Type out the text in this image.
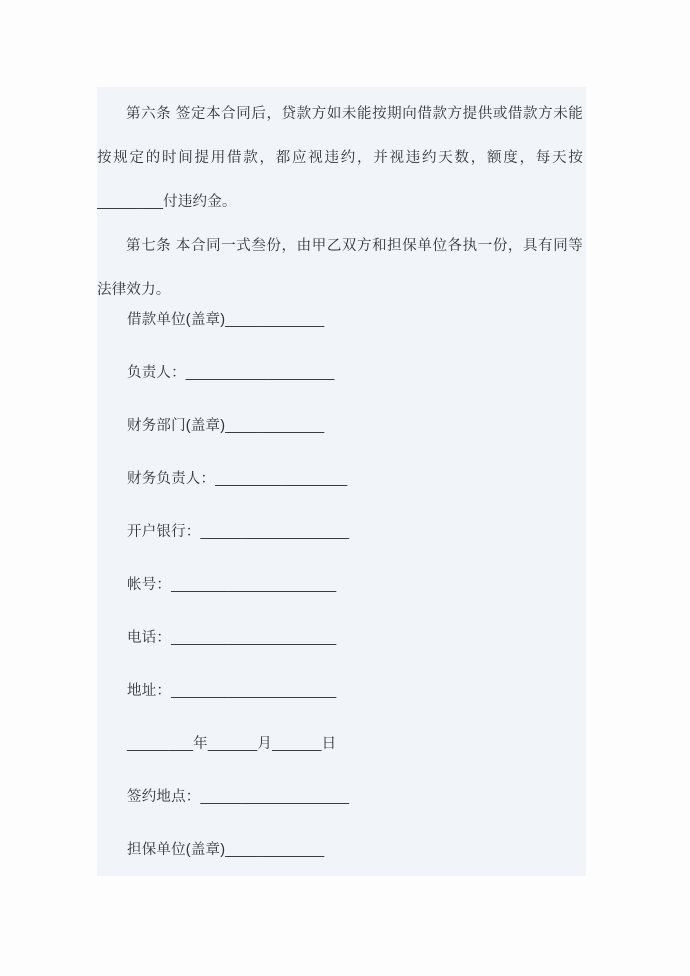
第六条 签定本合同后，贷款方如未能按期向借款方提供或借款方未能按规定的时间提用借款，都应视违约，并视违约天数，额度，每天按________付违约金。

第七条 本合同一式叁份，由甲乙双方和担保单位各执一份，具有同等法律效力。

借款单位(盖章)____________
负责人：__________________
财务部门(盖章)____________
财务负责人：________________
开户银行：__________________
帐号：____________________
电话：____________________
地址：____________________
________年______月______日
签约地点：__________________
担保单位(盖章)____________
